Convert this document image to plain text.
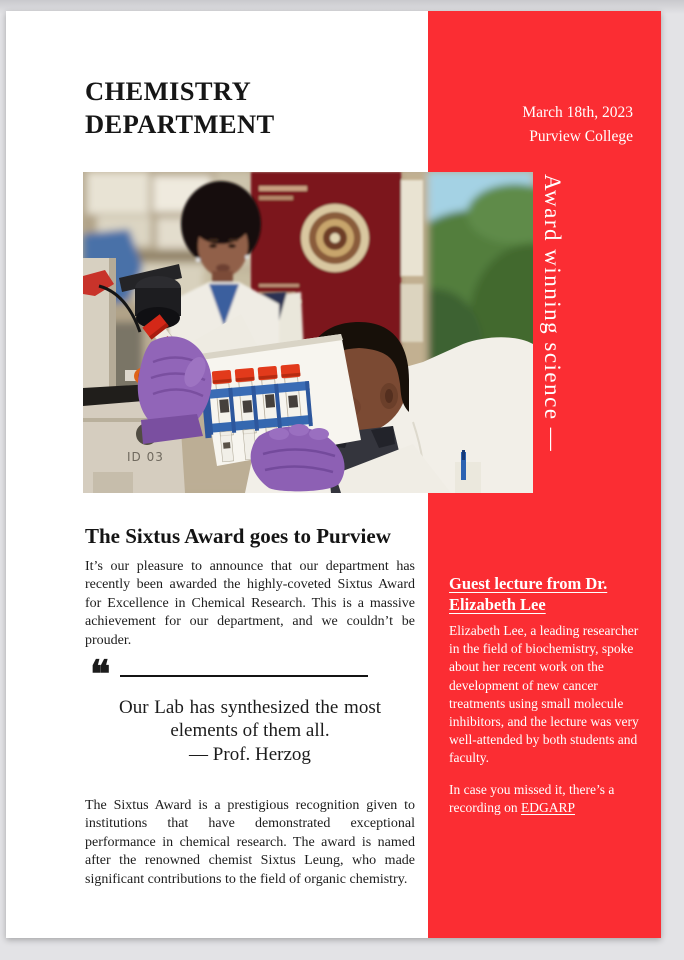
March 18th, 2023
Purview College
Award winning science —
Guest lecture from Dr. Elizabeth Lee

Elizabeth Lee, a leading researcher in the field of biochemistry, spoke about her recent work on the development of new cancer treatments using small molecule inhibitors, and the lecture was very well-attended by both students and faculty.

In case you missed it, there’s a recording on EDGARP

CHEMISTRY
DEPARTMENT
ID 03
The Sixtus Award goes to Purview

It’s our pleasure to announce that our department has recently been awarded the highly-coveted Sixtus Award for Excellence in Chemical Research. This is a massive achievement for our department, and we couldn’t be prouder.

❝
Our Lab has synthesized the most elements of them all.
— Prof. Herzog

The Sixtus Award is a prestigious recognition given to institutions that have demonstrated exceptional performance in chemical research. The award is named after the renowned chemist Sixtus Leung, who made significant contributions to the field of organic chemistry.
